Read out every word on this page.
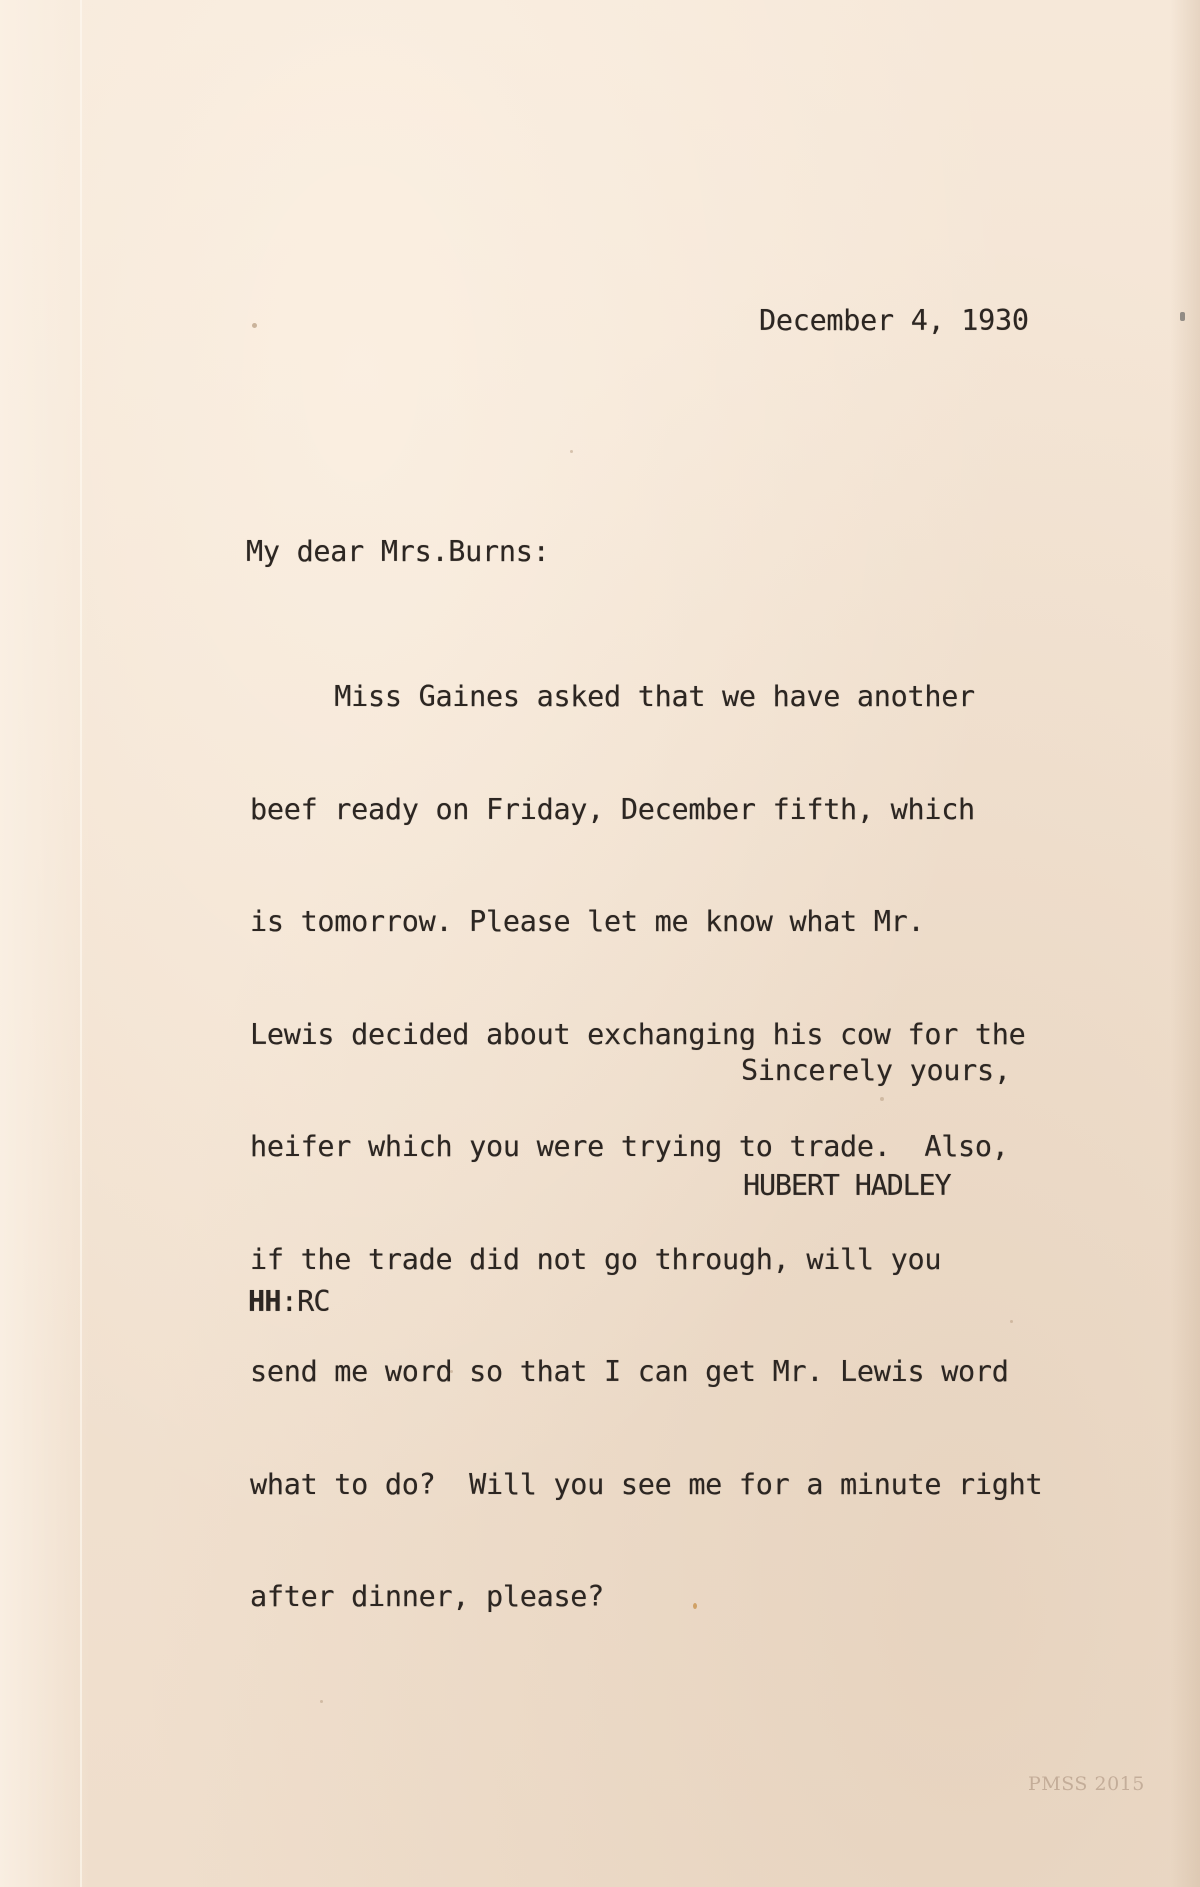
December 4, 1930
My dear Mrs.Burns:

Miss Gaines asked that we have another

beef ready on Friday, December fifth, which

is tomorrow. Please let me know what Mr.

Lewis decided about exchanging his cow for the

heifer which you were trying to trade.  Also,

if the trade did not go through, will you

send me word so that I can get Mr. Lewis word

what to do?  Will you see me for a minute right

after dinner, please?

Sincerely yours,
HUBERT HADLEY
HH:RC
PMSS 2015
